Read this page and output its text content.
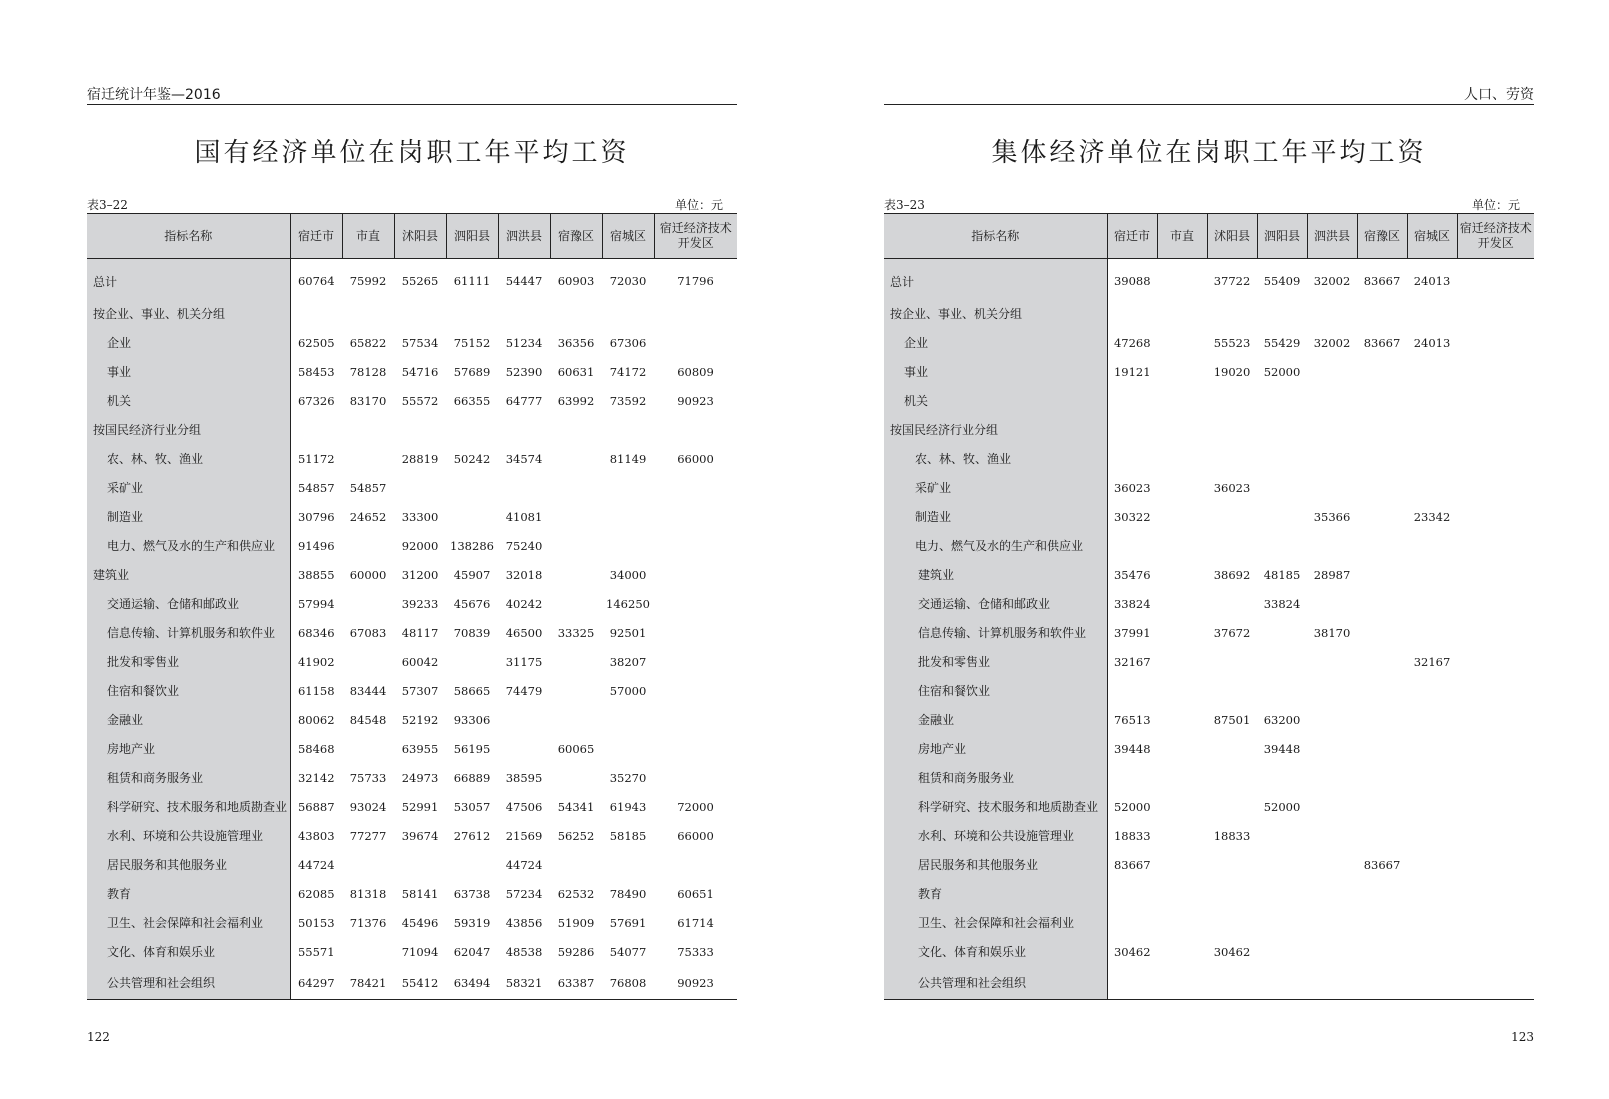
宿迁统计年鉴—2016
国有经济单位在岗职工年平均工资
表3–22	单位：元
指标名称	宿迁市	市直	沭阳县	泗阳县	泗洪县	宿豫区	宿城区	宿迁经济技术开发区
总计	60764	75992	55265	61111	54447	60903	72030	71796
按企业、事业、机关分组								
企业	62505	65822	57534	75152	51234	36356	67306	
事业	58453	78128	54716	57689	52390	60631	74172	60809
机关	67326	83170	55572	66355	64777	63992	73592	90923
按国民经济行业分组								
农、林、牧、渔业	51172		28819	50242	34574		81149	66000
采矿业	54857	54857						
制造业	30796	24652	33300		41081			
电力、燃气及水的生产和供应业	91496		92000	138286	75240			
建筑业	38855	60000	31200	45907	32018		34000	
交通运输、仓储和邮政业	57994		39233	45676	40242		146250	
信息传输、计算机服务和软件业	68346	67083	48117	70839	46500	33325	92501	
批发和零售业	41902		60042		31175		38207	
住宿和餐饮业	61158	83444	57307	58665	74479		57000	
金融业	80062	84548	52192	93306				
房地产业	58468		63955	56195		60065		
租赁和商务服务业	32142	75733	24973	66889	38595		35270	
科学研究、技术服务和地质勘查业	56887	93024	52991	53057	47506	54341	61943	72000
水利、环境和公共设施管理业	43803	77277	39674	27612	21569	56252	58185	66000
居民服务和其他服务业	44724				44724			
教育	62085	81318	58141	63738	57234	62532	78490	60651
卫生、社会保障和社会福利业	50153	71376	45496	59319	43856	51909	57691	61714
文化、体育和娱乐业	55571		71094	62047	48538	59286	54077	75333
公共管理和社会组织	64297	78421	55412	63494	58321	63387	76808	90923
122
人口、劳资
集体经济单位在岗职工年平均工资
表3–23	单位：元
指标名称	宿迁市	市直	沭阳县	泗阳县	泗洪县	宿豫区	宿城区	宿迁经济技术开发区
总计	39088		37722	55409	32002	83667	24013	
按企业、事业、机关分组								
企业	47268		55523	55429	32002	83667	24013	
事业	19121		19020	52000				
机关								
按国民经济行业分组								
农、林、牧、渔业								
采矿业	36023		36023					
制造业	30322				35366		23342	
电力、燃气及水的生产和供应业								
建筑业	35476		38692	48185	28987			
交通运输、仓储和邮政业	33824			33824				
信息传输、计算机服务和软件业	37991		37672		38170			
批发和零售业	32167						32167	
住宿和餐饮业								
金融业	76513		87501	63200				
房地产业	39448			39448				
租赁和商务服务业								
科学研究、技术服务和地质勘查业	52000			52000				
水利、环境和公共设施管理业	18833		18833					
居民服务和其他服务业	83667					83667		
教育								
卫生、社会保障和社会福利业								
文化、体育和娱乐业	30462		30462					
公共管理和社会组织								
123
